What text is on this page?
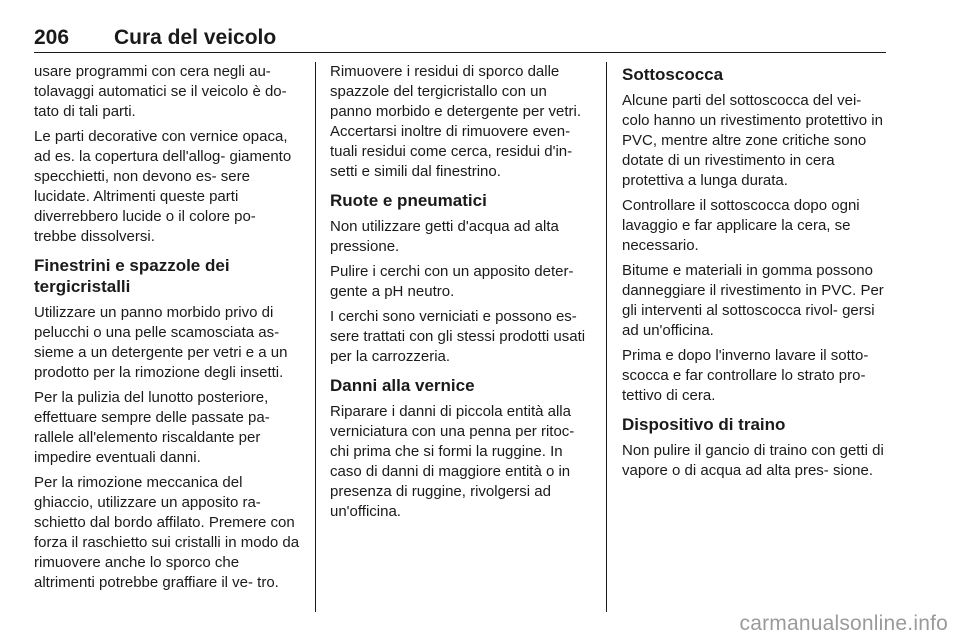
206 Cura del veicolo

usare programmi con cera negli au- tolavaggi automatici se il veicolo è do- tato di tali parti.

Le parti decorative con vernice opaca, ad es. la copertura dell'allog- giamento specchietti, non devono es- sere lucidate. Altrimenti queste parti diverrebbero lucide o il colore po- trebbe dissolversi.

Finestrini e spazzole dei tergicristalli

Utilizzare un panno morbido privo di pelucchi o una pelle scamosciata as- sieme a un detergente per vetri e a un prodotto per la rimozione degli insetti.

Per la pulizia del lunotto posteriore, effettuare sempre delle passate pa- rallele all'elemento riscaldante per impedire eventuali danni.

Per la rimozione meccanica del ghiaccio, utilizzare un apposito ra- schietto dal bordo affilato. Premere con forza il raschietto sui cristalli in modo da rimuovere anche lo sporco che altrimenti potrebbe graffiare il ve- tro.

Rimuovere i residui di sporco dalle spazzole del tergicristallo con un panno morbido e detergente per vetri. Accertarsi inoltre di rimuovere even- tuali residui come cerca, residui d'in- setti e simili dal finestrino.

Ruote e pneumatici

Non utilizzare getti d'acqua ad alta pressione.

Pulire i cerchi con un apposito deter- gente a pH neutro.

I cerchi sono verniciati e possono es- sere trattati con gli stessi prodotti usati per la carrozzeria.

Danni alla vernice

Riparare i danni di piccola entità alla verniciatura con una penna per ritoc- chi prima che si formi la ruggine. In caso di danni di maggiore entità o in presenza di ruggine, rivolgersi ad un'officina.

Sottoscocca

Alcune parti del sottoscocca del vei- colo hanno un rivestimento protettivo in PVC, mentre altre zone critiche sono dotate di un rivestimento in cera protettiva a lunga durata.

Controllare il sottoscocca dopo ogni lavaggio e far applicare la cera, se necessario.

Bitume e materiali in gomma possono danneggiare il rivestimento in PVC. Per gli interventi al sottoscocca rivol- gersi ad un'officina.

Prima e dopo l'inverno lavare il sotto- scocca e far controllare lo strato pro- tettivo di cera.

Dispositivo di traino

Non pulire il gancio di traino con getti di vapore o di acqua ad alta pres- sione.

carmanualsonline.info
